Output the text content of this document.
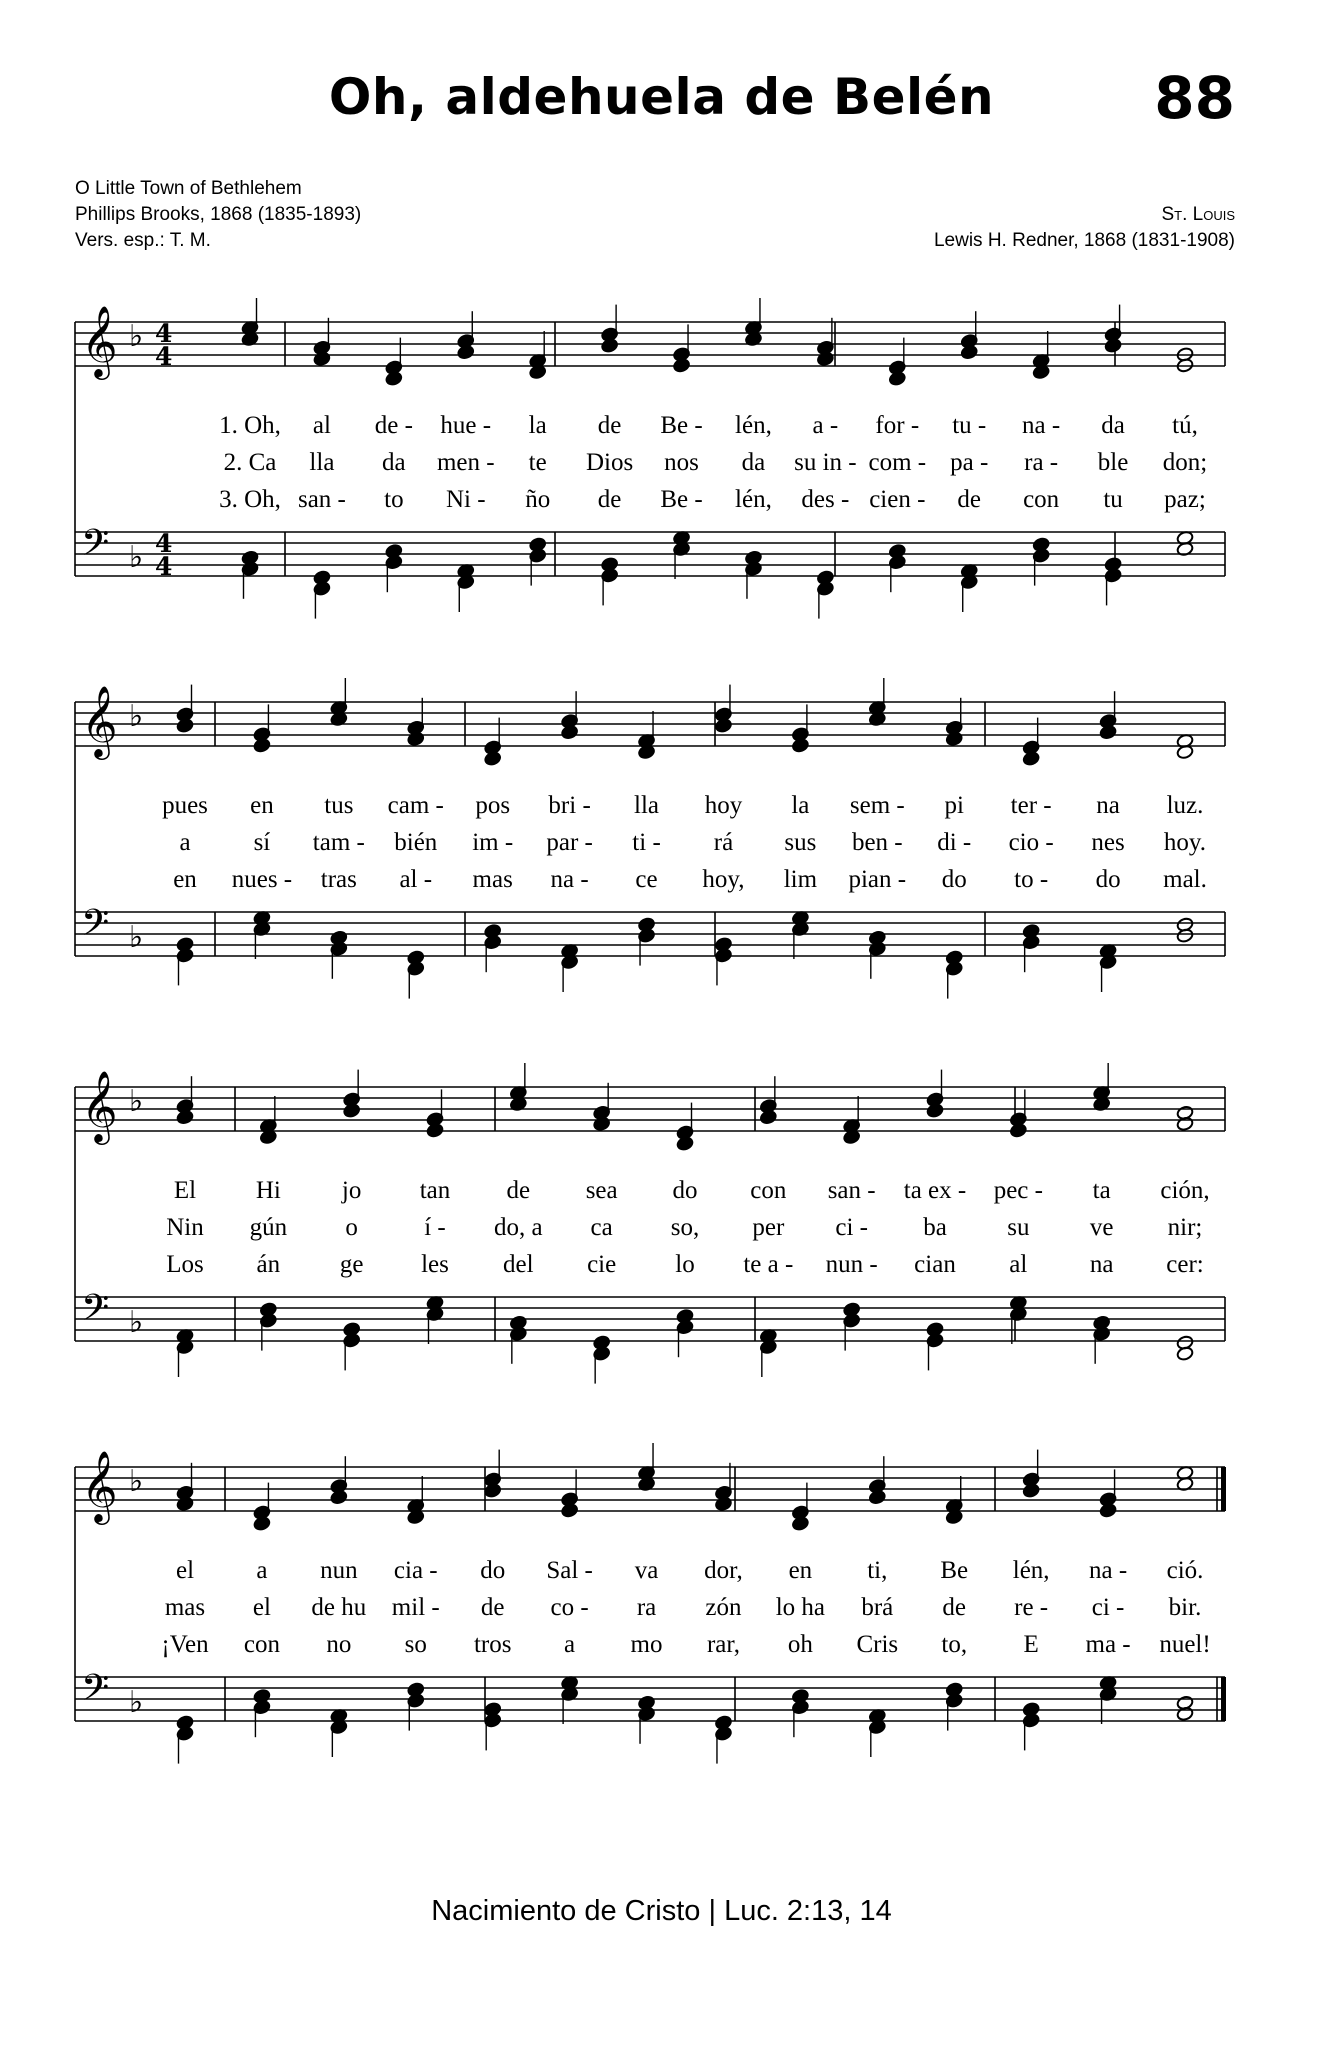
Oh, aldehuela de Belén	88
O Little Town of Bethlehem
Phillips Brooks, 1868 (1835-1893)
Vers. esp.: T. M.
St. Louis
Lewis H. Redner, 1868 (1831-1908)
𝄞 ♭ 4
4
𝄢 ♭ 4
4
1. Oh, al de - hue - la de Be - lén, a - for - tu - na - da tú,
2. Ca lla da men - te Dios nos da su in - com - pa - ra - ble don;
3. Oh, san - to Ni - ño de Be - lén, des - cien - de con tu paz;
𝄞 ♭
𝄢 ♭
pues en tus cam - pos bri - lla hoy la sem - pi ter - na luz.
a	sí tam - bién im - par - ti - rá sus ben - di - cio - nes hoy.
en nues - tras al - mas na - ce hoy, lim pian - do to - do mal.
𝄞 ♭
𝄢 ♭
El Hi jo tan de sea do con san - ta ex - pec - ta ción,
Nin gún o	í - do, a ca so, per ci - ba su ve nir;
Los án ge les del cie lo te a - nun - cian al	na cer:
𝄞 ♭
𝄢 ♭
el a nun cia - do Sal - va dor, en ti, Be lén, na - ció.
mas el de hu mil - de co - ra zón lo ha brá de re - ci - bir.
¡Ven con no so tros a mo rar, oh Cris to, E ma - nuel!
Nacimiento de Cristo | Luc. 2:13, 14
